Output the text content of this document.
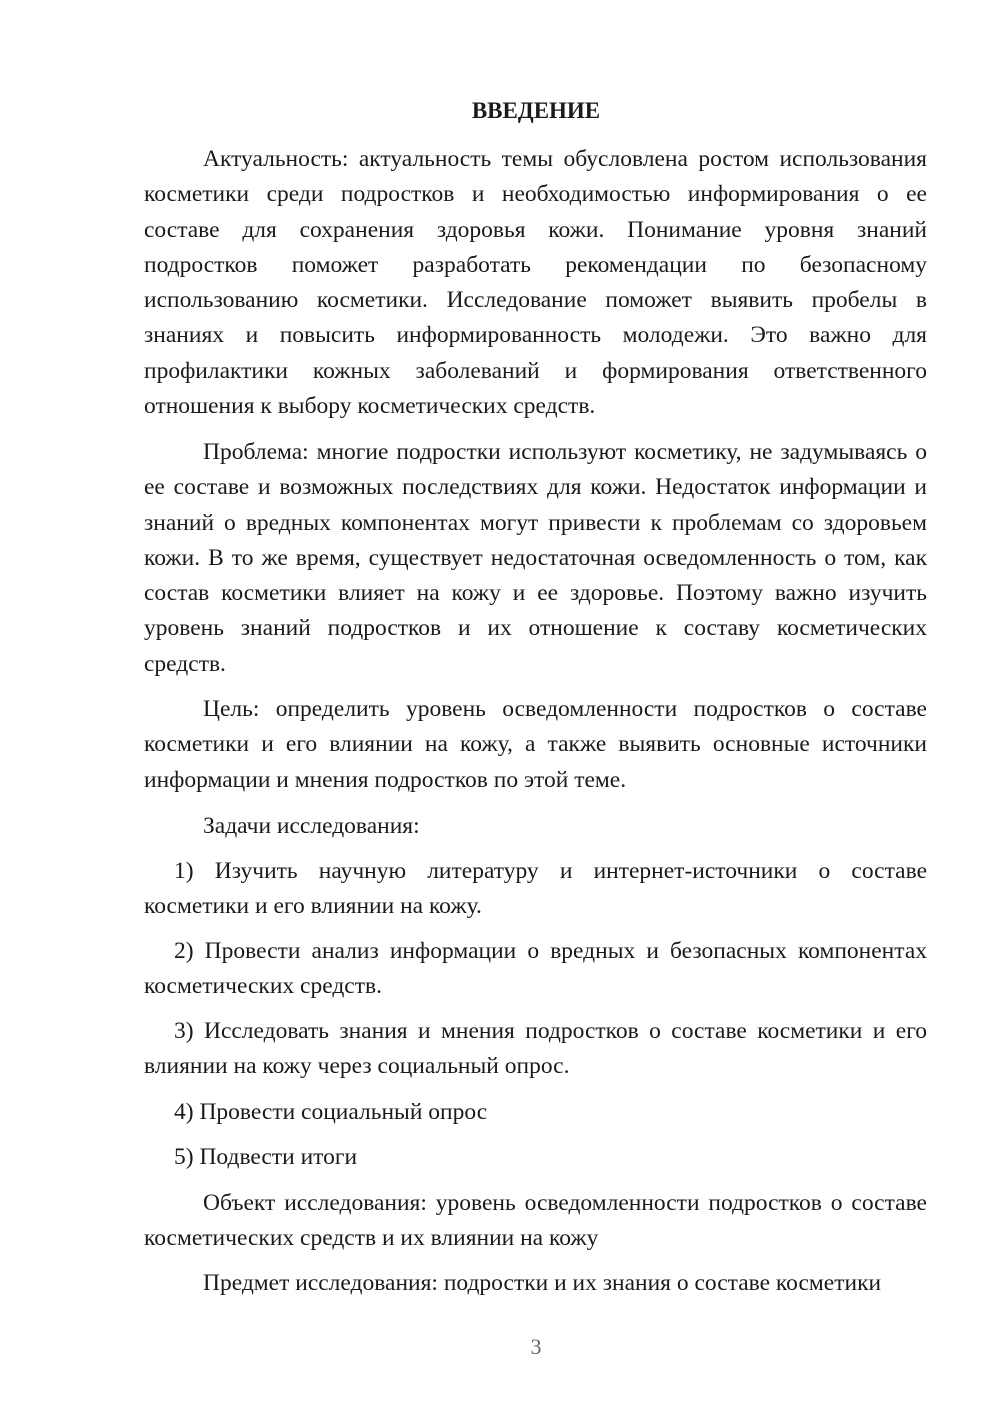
ВВЕДЕНИЕ

Актуальность: актуальность темы обусловлена ростом использования косметики среди подростков и необходимостью информирования о ее составе для сохранения здоровья кожи. Понимание уровня знаний подростков поможет разработать рекомендации по безопасному использованию косметики. Исследование поможет выявить пробелы в знаниях и повысить информированность молодежи. Это важно для профилактики кожных заболеваний и формирования ответственного отношения к выбору косметических средств.

Проблема: многие подростки используют косметику, не задумываясь о ее составе и возможных последствиях для кожи. Недостаток информации и знаний о вредных компонентах могут привести к проблемам со здоровьем кожи. В то же время, существует недостаточная осведомленность о том, как состав косметики влияет на кожу и ее здоровье. Поэтому важно изучить уровень знаний подростков и их отношение к составу косметических средств.

Цель: определить уровень осведомленности подростков о составе косметики и его влиянии на кожу, а также выявить основные источники информации и мнения подростков по этой теме.

Задачи исследования:

1) Изучить научную литературу и интернет-источники о составе косметики и его влиянии на кожу.

2) Провести анализ информации о вредных и безопасных компонентах косметических средств.

3) Исследовать знания и мнения подростков о составе косметики и его влиянии на кожу через социальный опрос.

4) Провести социальный опрос

5) Подвести итоги

Объект исследования: уровень осведомленности подростков о составе косметических средств и их влиянии на кожу

Предмет исследования: подростки и их знания о составе косметики

3
